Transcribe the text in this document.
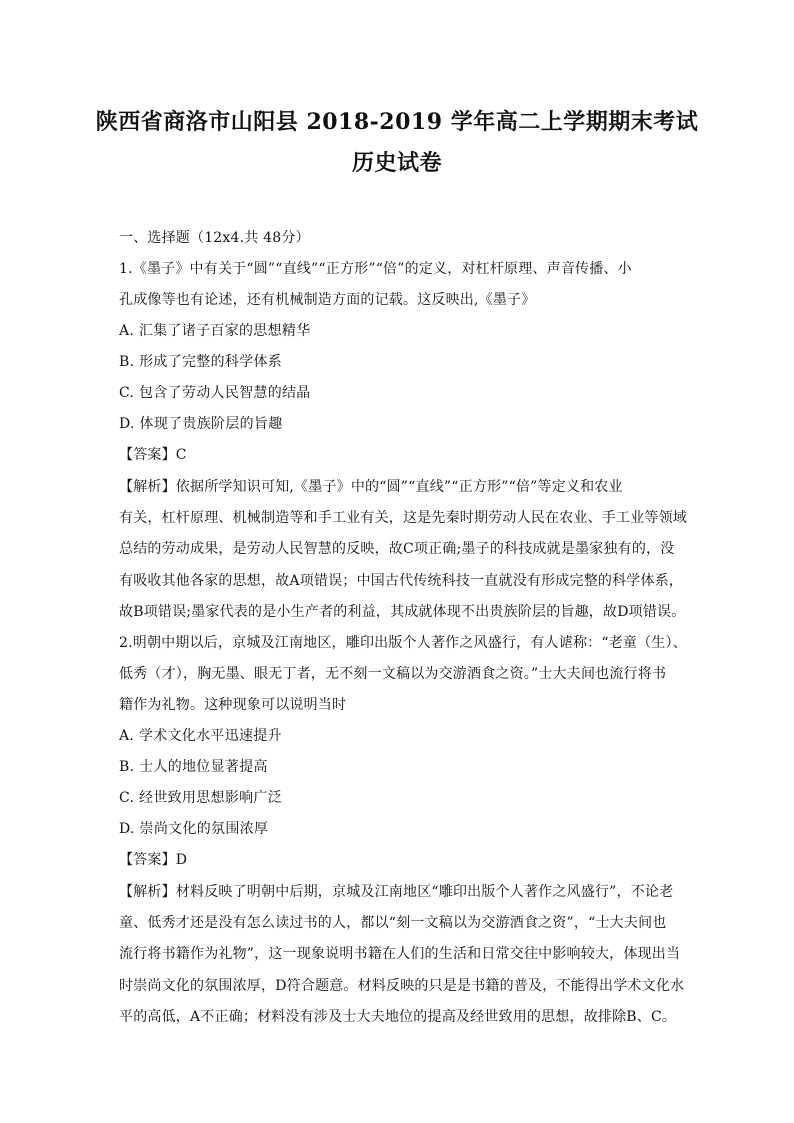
陕西省商洛市山阳县 2018-2019 学年高二上学期期末考试
历史试卷
一、选择题（12x4.共 48分）
1.《墨子》中有关于“圆”“直线”“正方形”“倍”的定义，对杠杆原理、声音传播、小
孔成像等也有论述，还有机械制造方面的记载。这反映出,《墨子》
A. 汇集了诸子百家的思想精华
B. 形成了完整的科学体系
C. 包含了劳动人民智慧的结晶
D. 体现了贵族阶层的旨趣
【答案】C
【解析】依据所学知识可知,《墨子》中的“圆”“直线”“正方形”“倍”等定义和农业
有关，杠杆原理、机械制造等和手工业有关，这是先秦时期劳动人民在农业、手工业等领域
总结的劳动成果，是劳动人民智慧的反映，故C项正确;墨子的科技成就是墨家独有的，没
有吸收其他各家的思想，故A项错误；中国古代传统科技一直就没有形成完整的科学体系，
故B项错误;墨家代表的是小生产者的利益，其成就体现不出贵族阶层的旨趣，故D项错误。
2.明朝中期以后，京城及江南地区，雕印出版个人著作之风盛行，有人谑称：“老童（生）、
低秀（才），胸无墨、眼无丁者，无不刻一文稿以为交游酒食之资。”士大夫间也流行将书
籍作为礼物。这种现象可以说明当时
A. 学术文化水平迅速提升
B. 士人的地位显著提高
C. 经世致用思想影响广泛
D. 崇尚文化的氛围浓厚
【答案】D
【解析】材料反映了明朝中后期，京城及江南地区“雕印出版个人著作之风盛行”，不论老
童、低秀才还是没有怎么读过书的人，都以“刻一文稿以为交游酒食之资”，“士大夫间也
流行将书籍作为礼物”，这一现象说明书籍在人们的生活和日常交往中影响较大，体现出当
时崇尚文化的氛围浓厚，D符合题意。材料反映的只是是书籍的普及，不能得出学术文化水
平的高低，A不正确；材料没有涉及士大夫地位的提高及经世致用的思想，故排除B、C。
